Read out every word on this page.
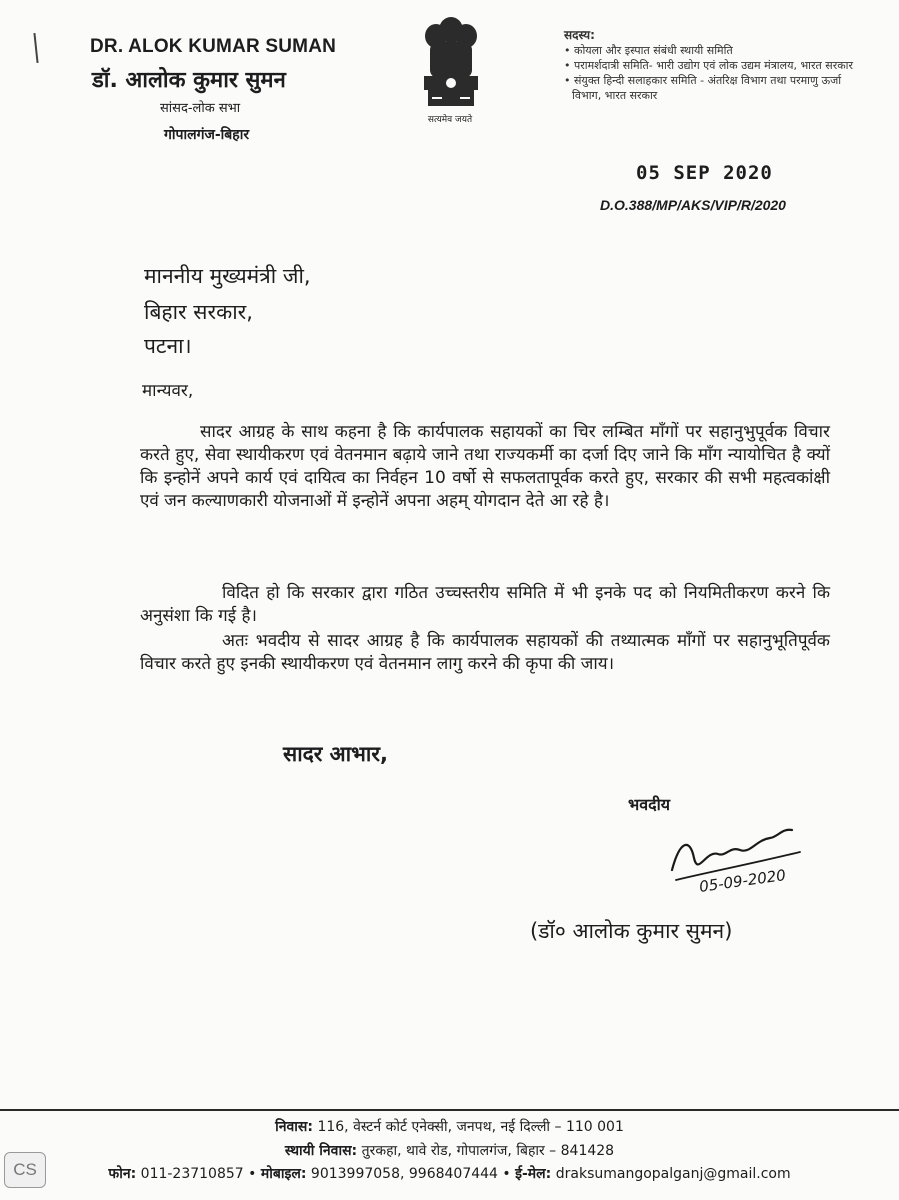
DR. ALOK KUMAR SUMAN
डॉ. आलोक कुमार सुमन
सांसद-लोक सभा
गोपालगंज-बिहार
सत्यमेव जयते
सदस्य:
• कोयला और इस्पात संबंधी स्थायी समिति
• परामर्शदात्री समिति- भारी उद्योग एवं लोक उद्यम मंत्रालय, भारत सरकार
• संयुक्त हिन्दी सलाहकार समिति - अंतरिक्ष विभाग तथा परमाणु ऊर्जा विभाग, भारत सरकार
05 SEP 2020
D.O.388/MP/AKS/VIP/R/2020
माननीय मुख्यमंत्री जी,
बिहार सरकार,
पटना।
मान्यवर,
सादर आग्रह के साथ कहना है कि कार्यपालक सहायकों का चिर लम्बित माँगों पर सहानुभुपूर्वक विचार करते हुए, सेवा स्थायीकरण एवं वेतनमान बढ़ाये जाने तथा राज्यकर्मी का दर्जा दिए जाने कि माँग न्यायोचित है क्यों कि इन्होनें अपने कार्य एवं दायित्व का निर्वहन 10 वर्षो से सफलतापूर्वक करते हुए, सरकार की सभी महत्वकांक्षी एवं जन कल्याणकारी योजनाओं में इन्होनें अपना अहम् योगदान देते आ रहे है।
विदित हो कि सरकार द्वारा गठित उच्चस्तरीय समिति में भी इनके पद को नियमितीकरण करने कि अनुसंशा कि गई है।
अतः भवदीय से सादर आग्रह है कि कार्यपालक सहायकों की तथ्यात्मक माँगों पर सहानुभूतिपूर्वक विचार करते हुए इनकी स्थायीकरण एवं वेतनमान लागु करने की कृपा की जाय।
सादर आभार,
भवदीय
05-09-2020
(डॉ० आलोक कुमार सुमन)
निवास: 116, वेस्टर्न कोर्ट एनेक्सी, जनपथ, नई दिल्ली – 110 001
स्थायी निवास: तुरकहा, थावे रोड, गोपालगंज, बिहार – 841428
फोन: 011-23710857 • मोबाइल: 9013997058, 9968407444 • ई-मेल: draksumangopalganj@gmail.com
CS
